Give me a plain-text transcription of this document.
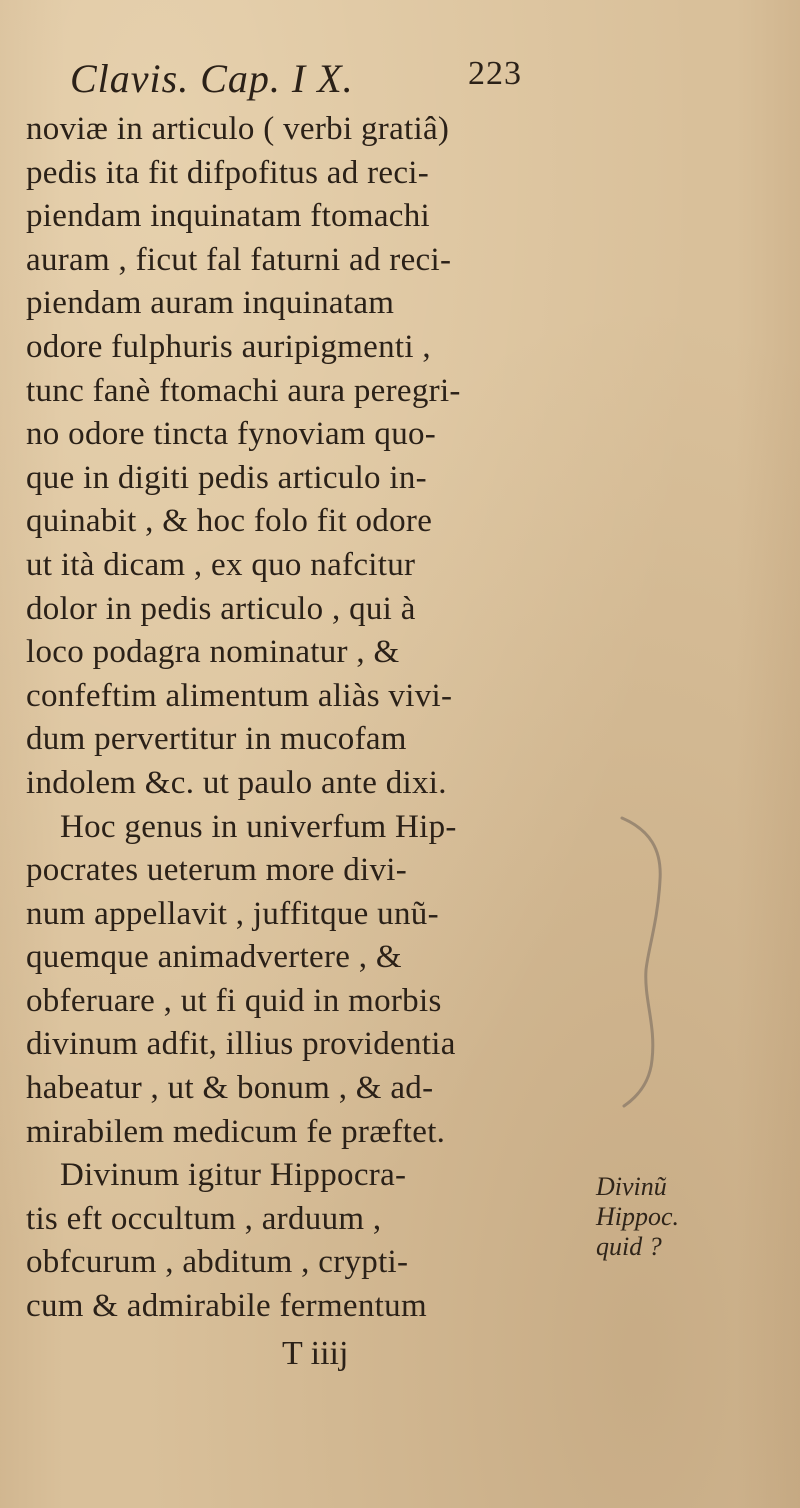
Clavis. Cap. I X.	223
noviæ in articulo ( verbi gratiâ)
pedis ita fit difpofitus ad reci-
piendam inquinatam ftomachi
auram , ficut fal faturni ad reci-
piendam auram inquinatam
odore fulphuris auripigmenti ,
tunc fanè ftomachi aura peregri-
no odore tincta fynoviam quo-
que in digiti pedis articulo in-
quinabit , & hoc folo fit odore
ut ità dicam , ex quo nafcitur
dolor in pedis articulo , qui à
loco podagra nominatur , &
confeftim alimentum aliàs vivi-
dum pervertitur in mucofam
indolem &c. ut paulo ante dixi.
Hoc genus in univerfum Hip-
pocrates ueterum more divi-
num appellavit , juffitque unũ-
quemque animadvertere , &
obferuare , ut fi quid in morbis
divinum adfit, illius providentia
habeatur , ut & bonum , & ad-
mirabilem medicum fe præftet.
Divinum igitur Hippocra-
tis eft occultum , arduum ,
obfcurum , abditum , crypti-
cum & admirabile fermentum
T iiij
Divinũ
Hippoc.
quid ?
